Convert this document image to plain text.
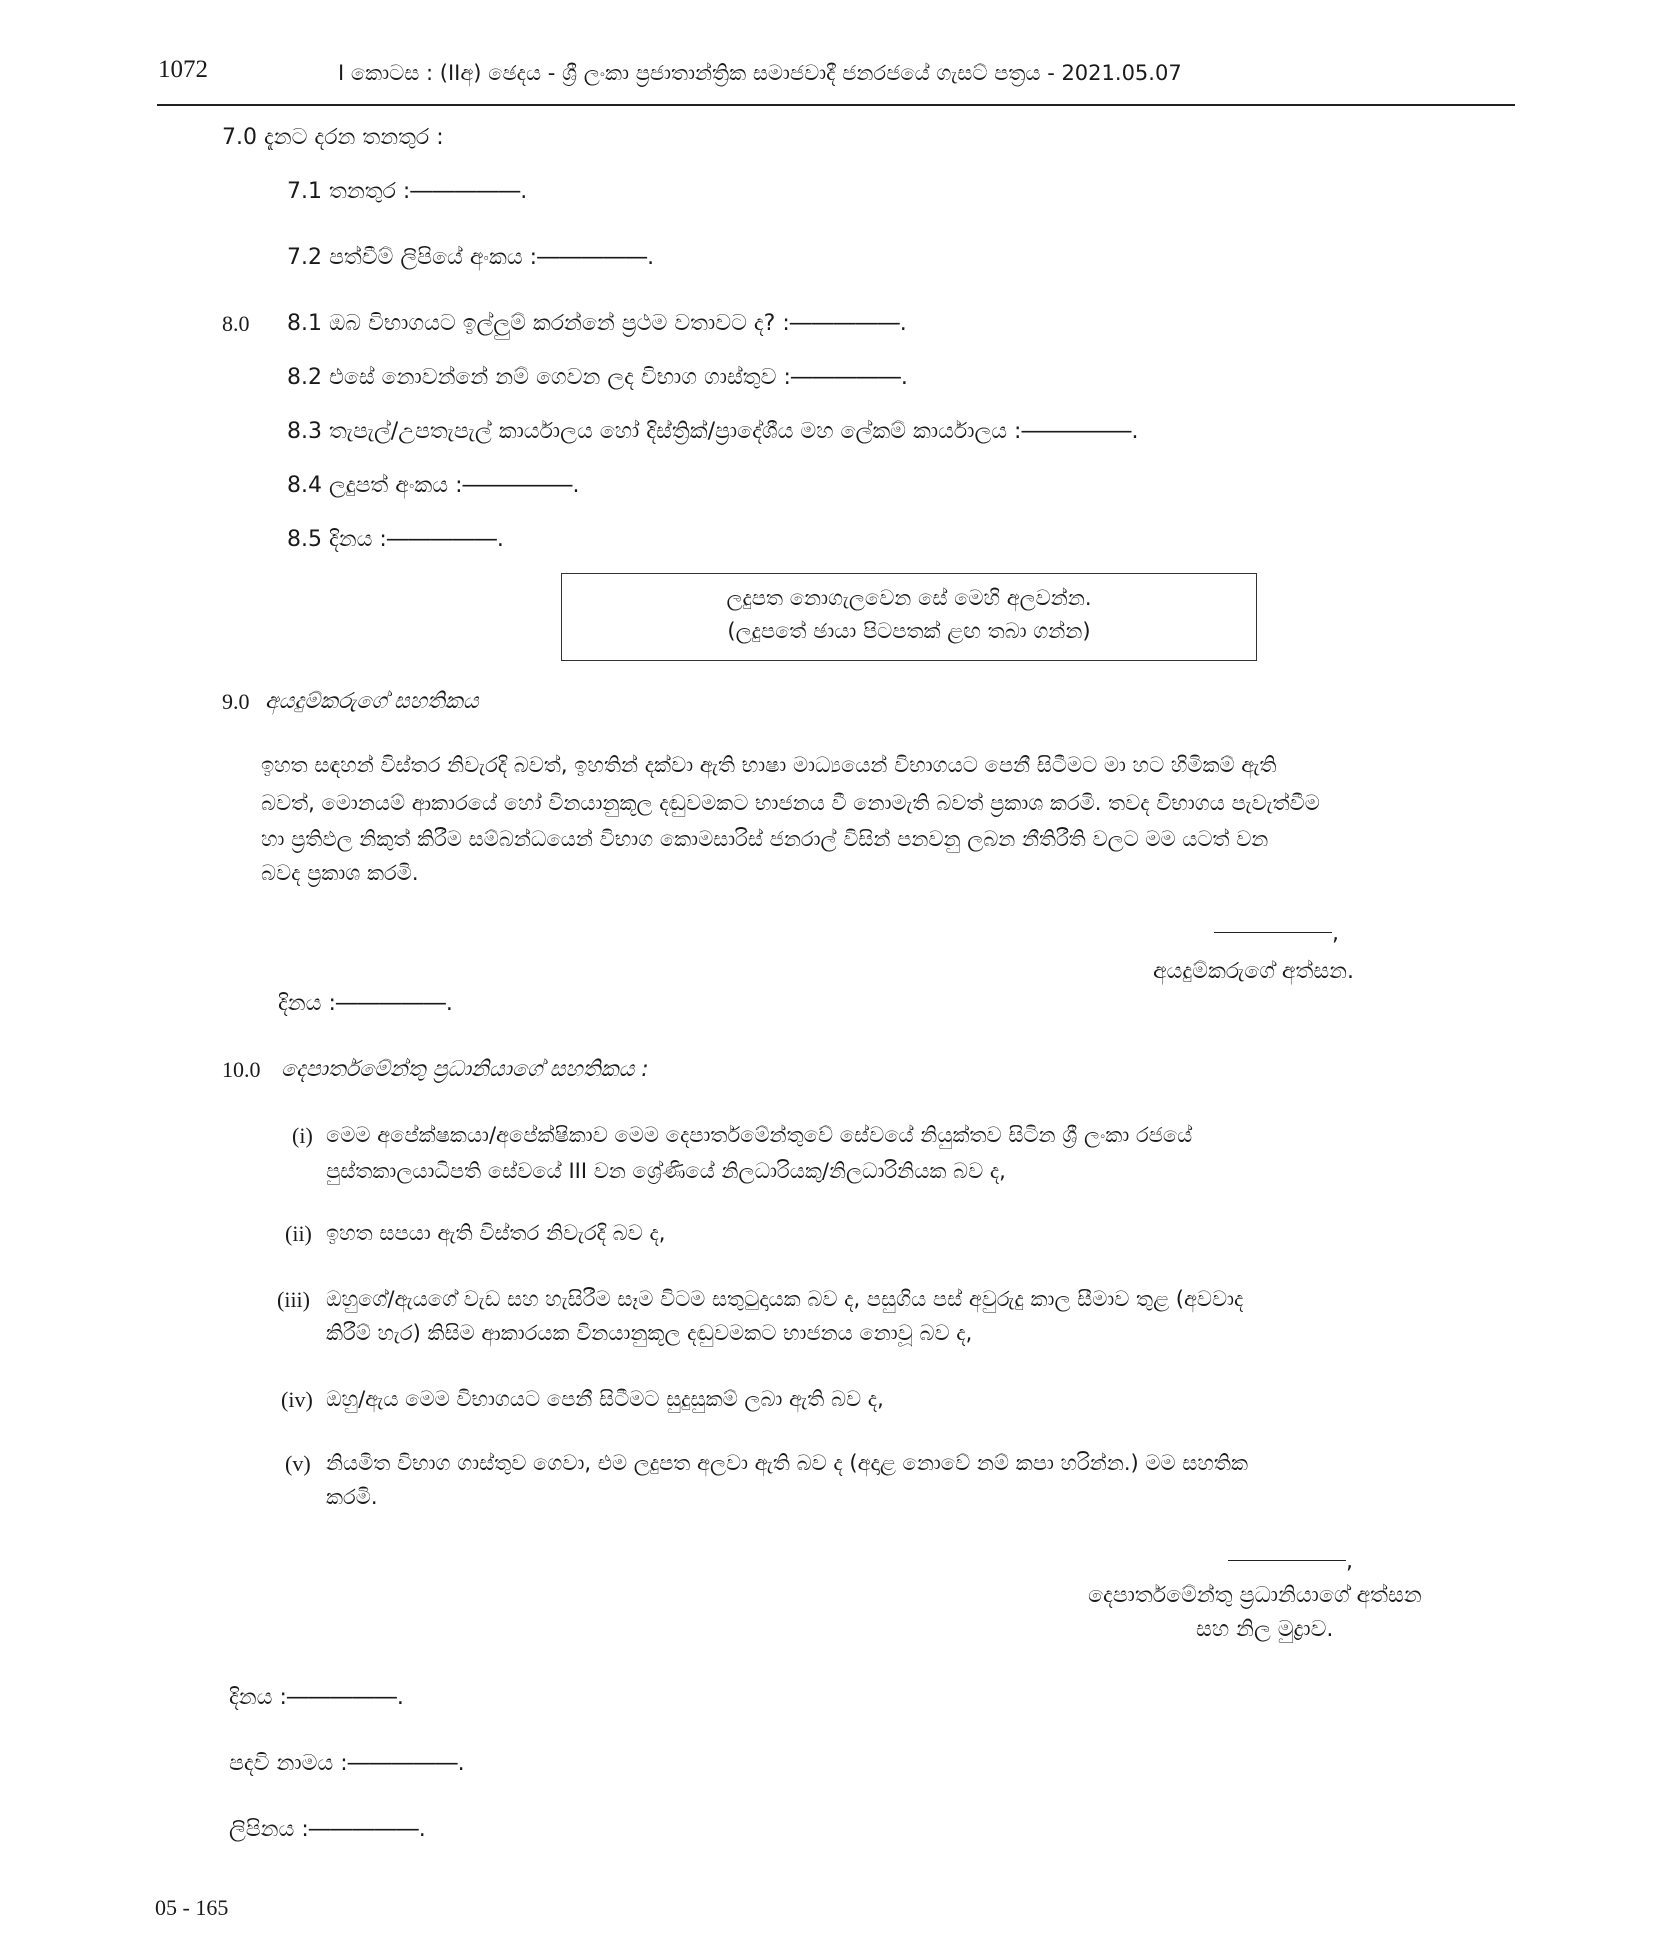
1072	I කොටස : (IIඅ) ඡෙදය - ශ්‍රී ලංකා ප්‍රජාතාන්ත්‍රික සමාජවාදී ජනරජයේ ගැසට් පත්‍රය - 2021.05.07
7.0 දැනට දරන තනතුර :
7.1 තනතුර :―――――.
7.2 පත්වීම් ලිපියේ අංකය :―――――.
8.0 8.1 ඔබ විභාගයට ඉල්ලුම් කරන්නේ ප්‍රථම වතාවට ද? :―――――.
8.2 එසේ නොවන්නේ නම් ගෙවන ලද විභාග ගාස්තුව :―――――.
8.3 තැපැල්/උපතැපැල් කාර්යාලය හෝ දිස්ත්‍රික්/ප්‍රාදේශීය මහ ලේකම් කාර්යාලය :―――――.
8.4 ලදුපත් අංකය :―――――.
8.5 දිනය :―――――.
ලදුපත නොගැලවෙන සේ මෙහි අලවන්න.
(ලදුපතේ ඡායා පිටපතක් ළඟ තබා ගන්න)
9.0 අයදුම්කරුගේ සහතිකය
ඉහත සඳහන් විස්තර නිවැරදි බවත්, ඉහතින් දක්වා ඇති භාෂා මාධ්‍යයෙන් විභාගයට පෙනී සිටීමට මා හට හිමිකම් ඇති
බවත්, මොනයම් ආකාරයේ හෝ විනයානුකූල දඬුවමකට භාජනය වී නොමැති බවත් ප්‍රකාශ කරමි. තවද විභාගය පැවැත්වීම
හා ප්‍රතිඵල නිකුත් කිරීම සම්බන්ධයෙන් විභාග කොමසාරිස් ජනරාල් විසින් පනවනු ලබන නීතිරීති වලට මම යටත් වන
බවද ප්‍රකාශ කරමි.
,
අයදුම්කරුගේ අත්සන.
දිනය :―――――.
10.0 දෙපාර්තමේන්තු ප්‍රධානියාගේ සහතිකය :
(i) මෙම අපේක්ෂකයා/අපේක්ෂිකාව මෙම දෙපාර්තමේන්තුවේ සේවයේ නියුක්තව සිටින ශ්‍රී ලංකා රජයේ
පුස්තකාලයාධිපති සේවයේ III වන ශ්‍රේණියේ නිලධාරියකු/නිලධාරිනියක බව ද,
(ii) ඉහත සපයා ඇති විස්තර නිවැරදි බව ද,
(iii) ඔහුගේ/ඇයගේ වැඩ සහ හැසිරීම සෑම විටම සතුටුදායක බව ද, පසුගිය පස් අවුරුදු කාල සීමාව තුළ (අවවාද
කිරීම් හැර) කිසිම ආකාරයක විනයානුකූල දඬුවමකට භාජනය නොවූ බව ද,
(iv) ඔහු/ඇය මෙම විභාගයට පෙනී සිටීමට සුදුසුකම් ලබා ඇති බව ද,
(v) නියමිත විභාග ගාස්තුව ගෙවා, එම ලදුපත අලවා ඇති බව ද (අදාළ නොවේ නම් කපා හරින්න.) මම සහතික
කරමි.
,
දෙපාර්තමේන්තු ප්‍රධානියාගේ අත්සන
සහ නිල මුද්‍රාව.
දිනය :―――――.
පදවි නාමය :―――――.
ලිපිනය :―――――.
05 - 165
